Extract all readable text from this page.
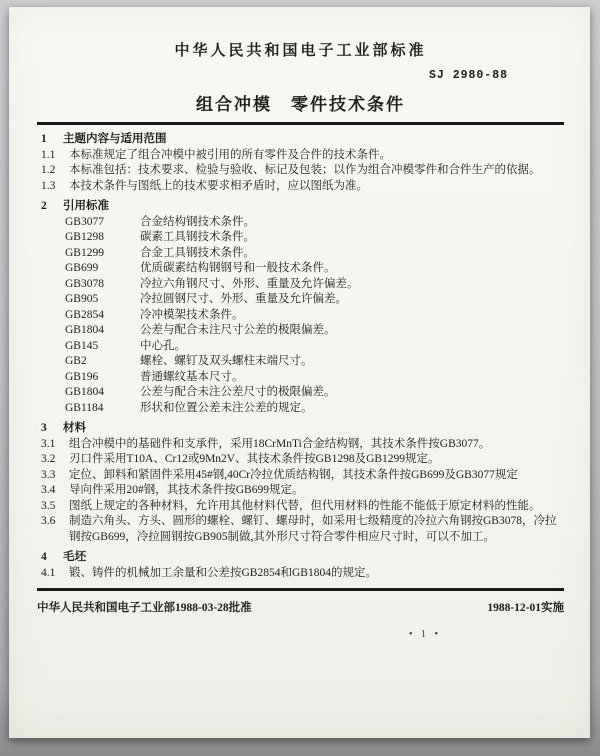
中华人民共和国电子工业部标准
SJ 2980-88
组合冲模　零件技术条件
1	主题内容与适用范围
1.1	本标准规定了组合冲模中被引用的所有零件及合件的技术条件。
1.2	本标准包括：技术要求、检验与验收、标记及包装；以作为组合冲模零件和合件生产的依据。
1.3	本技术条件与图纸上的技术要求相矛盾时，应以图纸为准。
2	引用标准
GB3077	合金结构钢技术条件。
GB1298	碳素工具钢技术条件。
GB1299	合金工具钢技术条件。
GB699	优质碳素结构钢钢号和一般技术条件。
GB3078	冷拉六角钢尺寸、外形、重量及允许偏差。
GB905	冷拉圆钢尺寸、外形、重量及允许偏差。
GB2854	冷冲模架技术条件。
GB1804	公差与配合未注尺寸公差的极限偏差。
GB145	中心孔。
GB2	螺栓、螺钉及双头螺柱末端尺寸。
GB196	普通螺纹基本尺寸。
GB1804	公差与配合未注公差尺寸的极限偏差。
GB1184	形状和位置公差未注公差的规定。
3	材料
3.1	组合冲模中的基础件和支承件，采用18CrMnTi合金结构钢，其技术条件按GB3077。
3.2	刃口件采用T10A、Cr12或9Mn2V、其技术条件按GB1298及GB1299规定。
3.3	定位、卸料和紧固件采用45#钢,40Cr冷拉优质结构钢，其技术条件按GB699及GB3077规定
3.4	导向件采用20#钢，其技术条件按GB699规定。
3.5	图纸上规定的各种材料，允许用其他材料代替，但代用材料的性能不能低于原定材料的性能。
3.6	制造六角头、方头、圆形的螺栓、螺钉、螺母时，如采用七级精度的冷拉六角钢按GB3078，冷拉钢按GB699，冷拉圆钢按GB905制做,其外形尺寸符合零件相应尺寸时，可以不加工。
4	毛坯
4.1	锻、铸件的机械加工余量和公差按GB2854和GB1804的规定。
中华人民共和国电子工业部1988-03-28批准	1988-12-01实施
• 1 •
